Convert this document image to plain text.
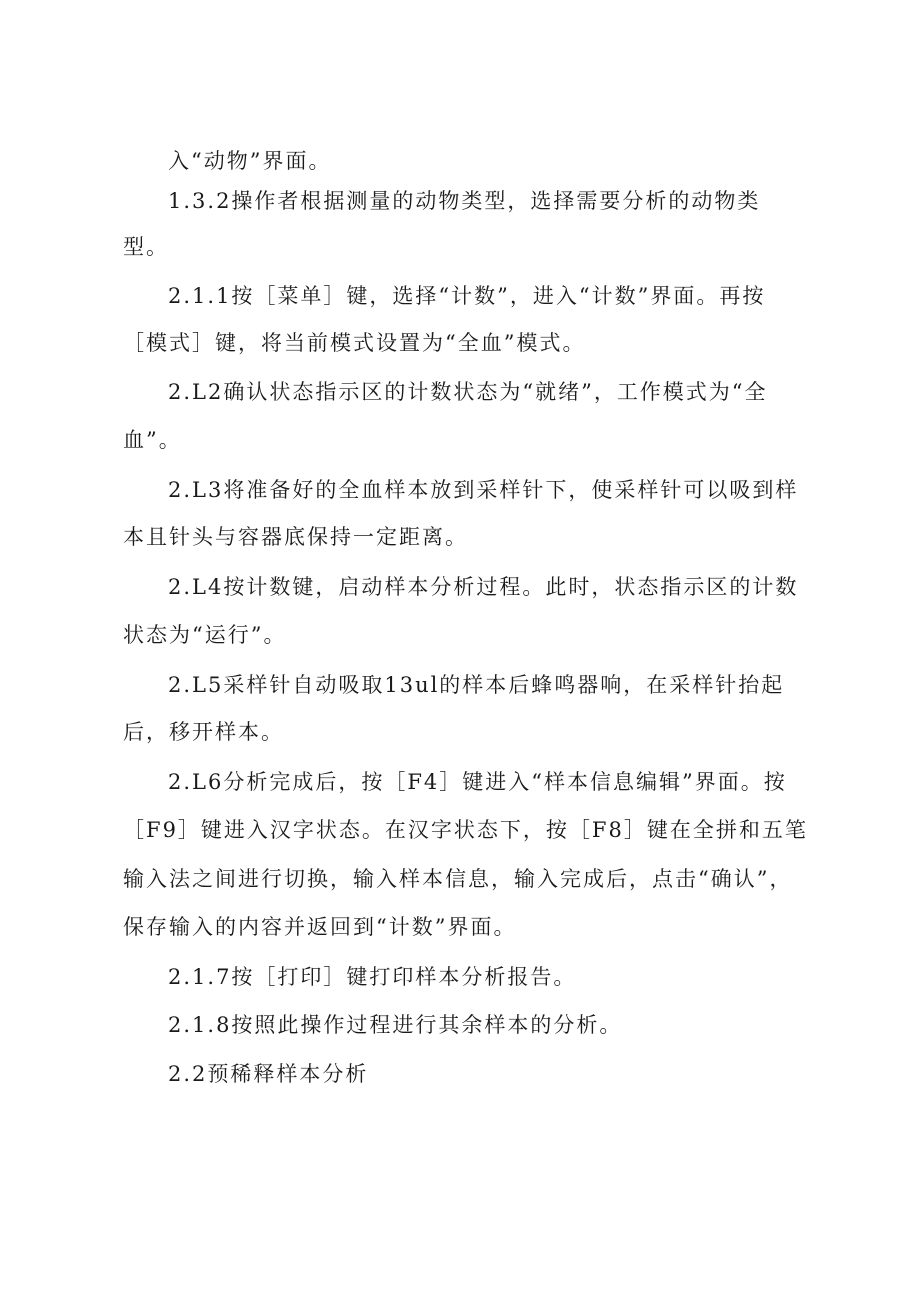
入“动物”界面。
1.3.2操作者根据测量的动物类型，选择需要分析的动物类
型。
2.1.1按［菜单］键，选择“计数”，进入“计数”界面。再按
［模式］键，将当前模式设置为“全血”模式。
2.L2确认状态指示区的计数状态为“就绪”，工作模式为“全
血”。
2.L3将准备好的全血样本放到采样针下，使采样针可以吸到样
本且针头与容器底保持一定距离。
2.L4按计数键，启动样本分析过程。此时，状态指示区的计数
状态为“运行”。
2.L5采样针自动吸取13ul的样本后蜂鸣器响，在采样针抬起
后，移开样本。
2.L6分析完成后，按［F4］键进入“样本信息编辑”界面。按
［F9］键进入汉字状态。在汉字状态下，按［F8］键在全拼和五笔
输入法之间进行切换，输入样本信息，输入完成后，点击“确认”，
保存输入的内容并返回到“计数”界面。
2.1.7按［打印］键打印样本分析报告。
2.1.8按照此操作过程进行其余样本的分析。
2.2预稀释样本分析
